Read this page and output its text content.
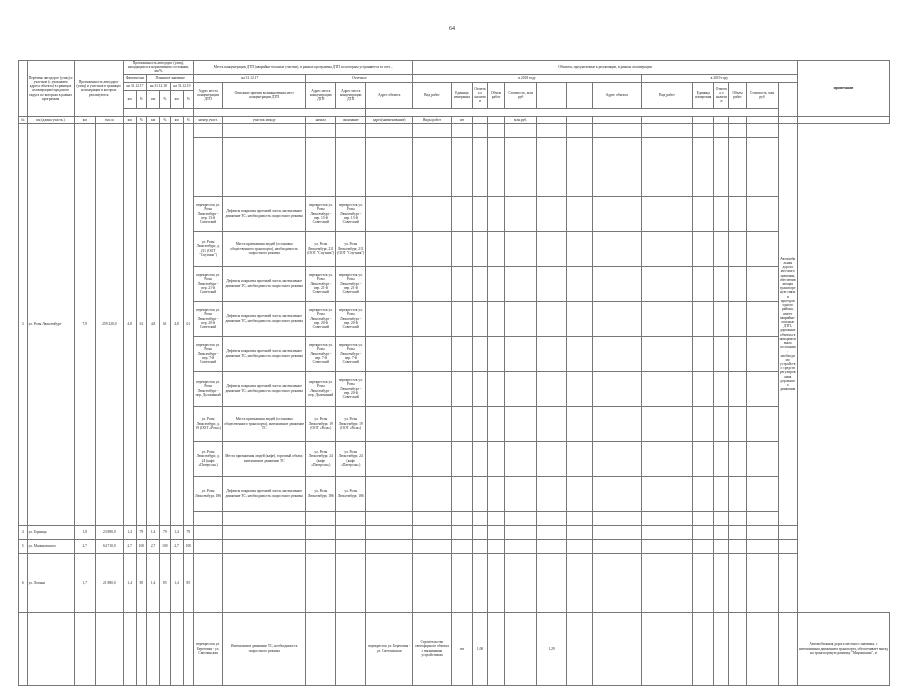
64
	Перечень автодорог (улиц) и участков (с указанием адреса объекта) в границах агломерации/городского округа по которым в рамках программы	Протяженность автодорог (улиц) и участков в границах агломерации в которых реализуются		Протяженность автодорог (улиц), находящихся в нормативном состоянии, км/%						Места концентрации ДТП (аварийно-опасные участки), в рамках программы ДТП по которым устраняются за счет...					Объекты, предлагаемые к реализации, в рамках агломерации														примечание
				Фактически		Плановое значение				на 31.12.17		Отчетное			в 2018 году								в 2019 году						
				на 31.12.17		на 31.12.18		на 31.12.19		Адрес места концентрации ДТП	Описание причин возникновения мест концентрации ДТП	Адрес места концентрации ДТП	Адрес места концентрации ДТП	Адрес объекта	Вид работ	Единица измерения	Отметка о наличии	Объем работ	Стоимость, млн руб			Адрес объекта	Вид работ	Единица измерения	Отметка о наличии	Объем работ	Стоимость, млн руб		
				км	%	км	%	км	%																				

№	км (длина участк.)	км	тыс.м	км	%	км	%	км	%	номер участ.	участок между	начало	окончание	адрес(наименование)	Виды работ	шт			млн.руб.										
3	ул. Розы Люксембург	7,9	259 220,0	4,8	61	4,8	61	4,8	61																			Автомобильная дорога местного значения, обеспечивающая транспортную связь и проездов одного района, имеет аварийно-опасные ДТП, дорожные объекты в ненормативном состоянии, необходимо устройство средств регулирования дорожного движения	

										перекресток ул. Розы Люксембург - пер. 13-й Советский	Дефекты покрытия проезжей части, интенсивное движение ТС, необходимость скоростного режима	перекресток ул. Розы Люксембург - пер. 13-й Советский	перекресток ул. Розы Люксембург - пер. 13-й Советский																
										ул. Розы Люксембург, д. 211 (ООТ "Спутник")	Места притяжения людей (остановка общественного транспорта), необходимость скоростного режима	ул. Розы Люксембург, 211 (ООТ "Спутник")	ул. Розы Люксембург, 211 (ООТ "Спутник")																
										перекресток ул. Розы Люксембург - пер. 21-й Советский	Дефекты покрытия проезжей части, интенсивное движение ТС, необходимость скоростного режима	перекресток ул. Розы Люксембург - пер. 21-й Советский	перекресток ул. Розы Люксембург - пер. 21-й Советский																
										перекресток ул. Розы Люксембург - пер. 20-й Советский	Дефекты покрытия проезжей части, интенсивное движение ТС, необходимость скоростного режима	перекресток ул. Розы Люксембург - пер. 20-й Советский	перекресток ул. Розы Люксембург - пер. 20-й Советский																
										перекресток ул. Розы Люксембург - пер. 7-й Советский	Дефекты покрытия проезжей части, интенсивное движение ТС, необходимость скоростного режима	перекресток ул. Розы Люксембург - пер. 7-й Советский	перекресток ул. Розы Люксембург - пер. 7-й Советский																
										перекресток ул. Розы Люксембург - пер. Доломаный	Дефекты покрытия проезжей части, интенсивное движение ТС, необходимость скоростного режима	перекресток ул. Розы Люксембург - пер. Доломаный	перекресток ул. Розы Люксембург - пер. 20-й Советский																
										ул. Розы Люксембург, д. 19 (ООТ «Роза»)	Места притяжения людей (остановка общественного транспорта), интенсивное движение ТС	ул. Розы Люксембург, 19 (ООТ «Роза»)	ул. Розы Люксембург, 19 (ООТ «Роза»)																
										ул. Розы Люксембург, д. 24 (кафе «Патерсон»)	Места притяжения людей (кафе), торговый объект, интенсивное движение ТС	ул. Розы Люксембург, 24 (кафе «Патерсон»)	ул. Розы Люксембург, 24 (кафе «Патерсон»)																
										ул. Розы Люксембург, 186	Дефекты покрытия проезжей части, интенсивное движение ТС, необходимость скоростного режима	ул. Розы Люксембург, 186	ул. Розы Люксембург, 186																

4	ул. Горница	1,8	23 880,0	1,4	79	1,4	79	1,4	79																				
5	ул. Малиновского	2,7	64 710,0	2,7	100	2,7	100	2,7	100																				
6	ул. Лопана	1,7	21 880,0	1,4	85	1,4	85	1,4	85																				
										перекресток ул. Береговая - ул. Светлинская	Интенсивное движение ТС, необходимость скоростного режима			перекресток ул. Береговая - ул. Светлинская	Строительство светофорного объекта с вызывными устройствами	шт	1,00			1,29									Автомобильная дорога местного значения, с интенсивным движением транспорта, обеспечивает выезд на транспортную развязку "Мирошкина", и
